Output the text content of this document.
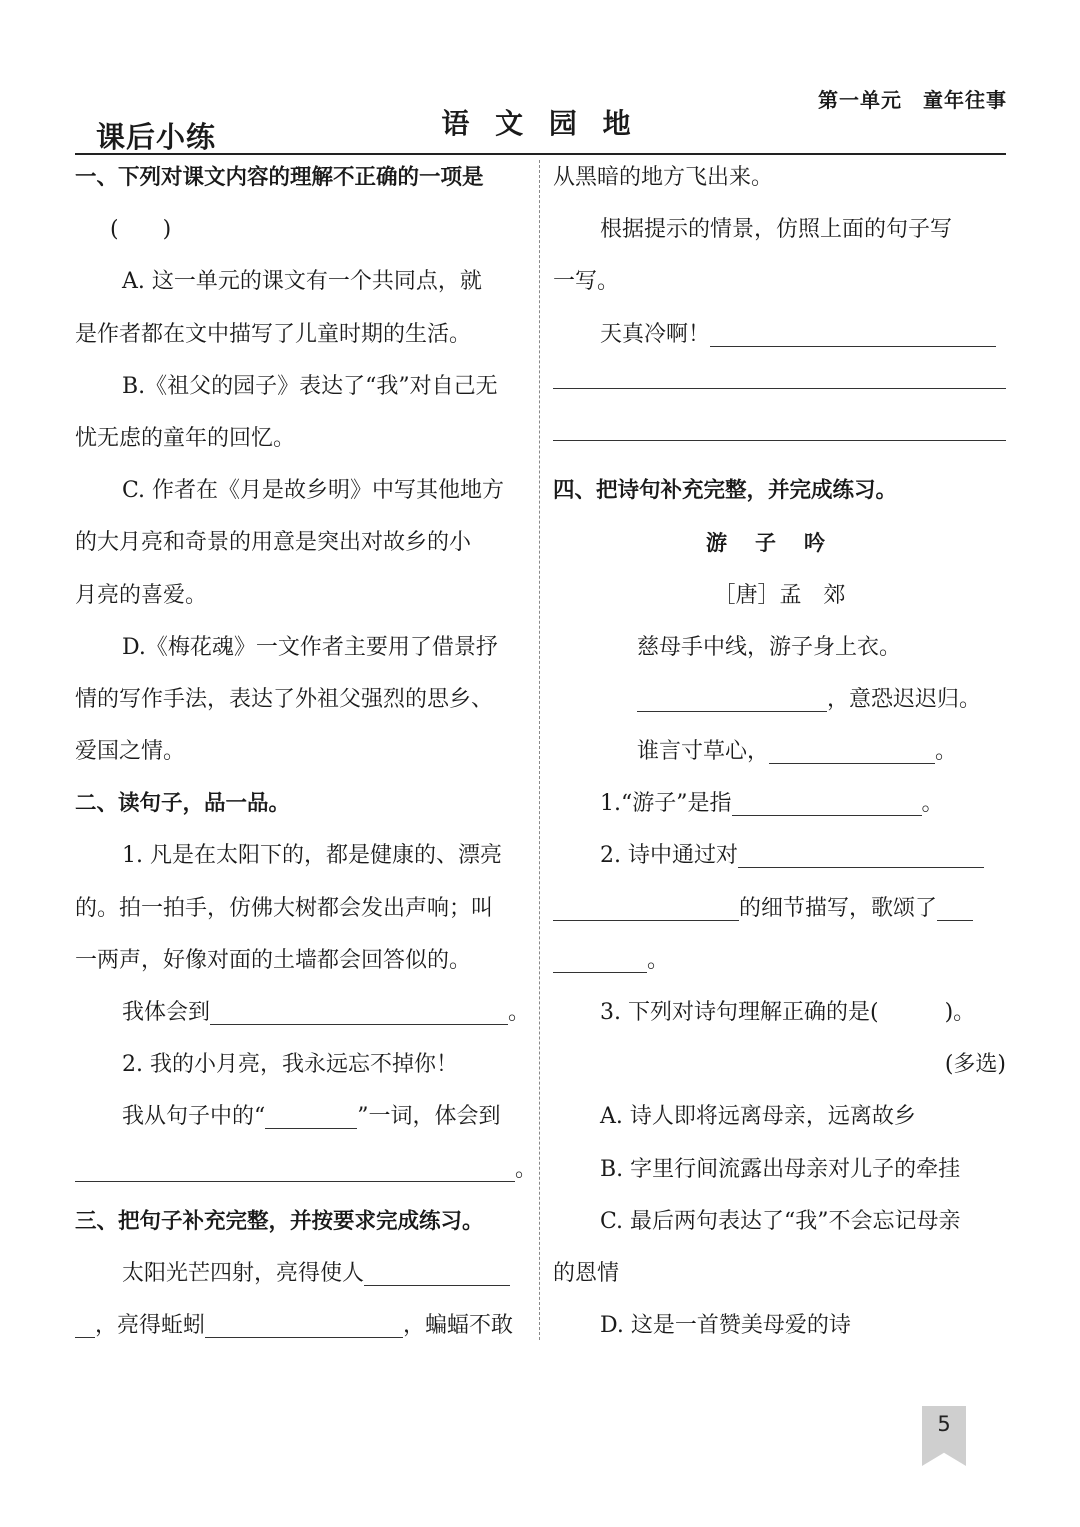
第一单元　童年往事
课后小练	语 文 园 地
一、下列对课文内容的理解不正确的一项是
(　　)
A. 这一单元的课文有一个共同点，就
是作者都在文中描写了儿童时期的生活。
B.《祖父的园子》表达了“我”对自己无
忧无虑的童年的回忆。
C. 作者在《月是故乡明》中写其他地方
的大月亮和奇景的用意是突出对故乡的小
月亮的喜爱。
D.《梅花魂》一文作者主要用了借景抒
情的写作手法，表达了外祖父强烈的思乡、
爱国之情。
二、读句子，品一品。
1. 凡是在太阳下的，都是健康的、漂亮
的。拍一拍手，仿佛大树都会发出声响；叫
一两声，好像对面的土墙都会回答似的。
我体会到	。
2. 我的小月亮，我永远忘不掉你！
我从句子中的“	”一词，体会到
。
三、把句子补充完整，并按要求完成练习。
太阳光芒四射，亮得使人
，亮得蚯蚓	，蝙蝠不敢
从黑暗的地方飞出来。
根据提示的情景，仿照上面的句子写
一写。
天真冷啊！
四、把诗句补充完整，并完成练习。
游子吟
［唐］孟　郊
慈母手中线，游子身上衣。
，意恐迟迟归。
谁言寸草心，	。
1.“游子”是指	。
2. 诗中通过对
的细节描写，歌颂了
。
3. 下列对诗句理解正确的是(　　　)。
(多选)
A. 诗人即将远离母亲，远离故乡
B. 字里行间流露出母亲对儿子的牵挂
C. 最后两句表达了“我”不会忘记母亲
的恩情
D. 这是一首赞美母爱的诗
5
